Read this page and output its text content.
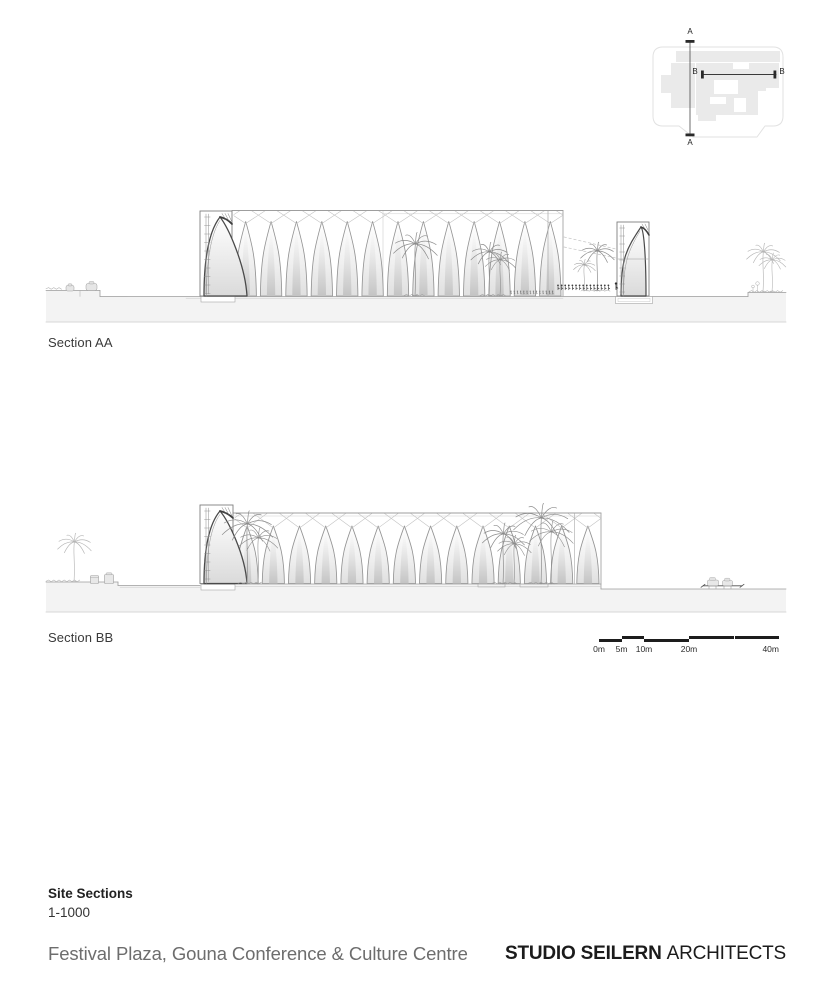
A
A
B	B
Section AA
Section BB
0m 5m 10m	20m	40m
Site Sections
1-1000
Festival Plaza, Gouna Conference & Culture Centre STUDIO SEILERN ARCHITECTS
